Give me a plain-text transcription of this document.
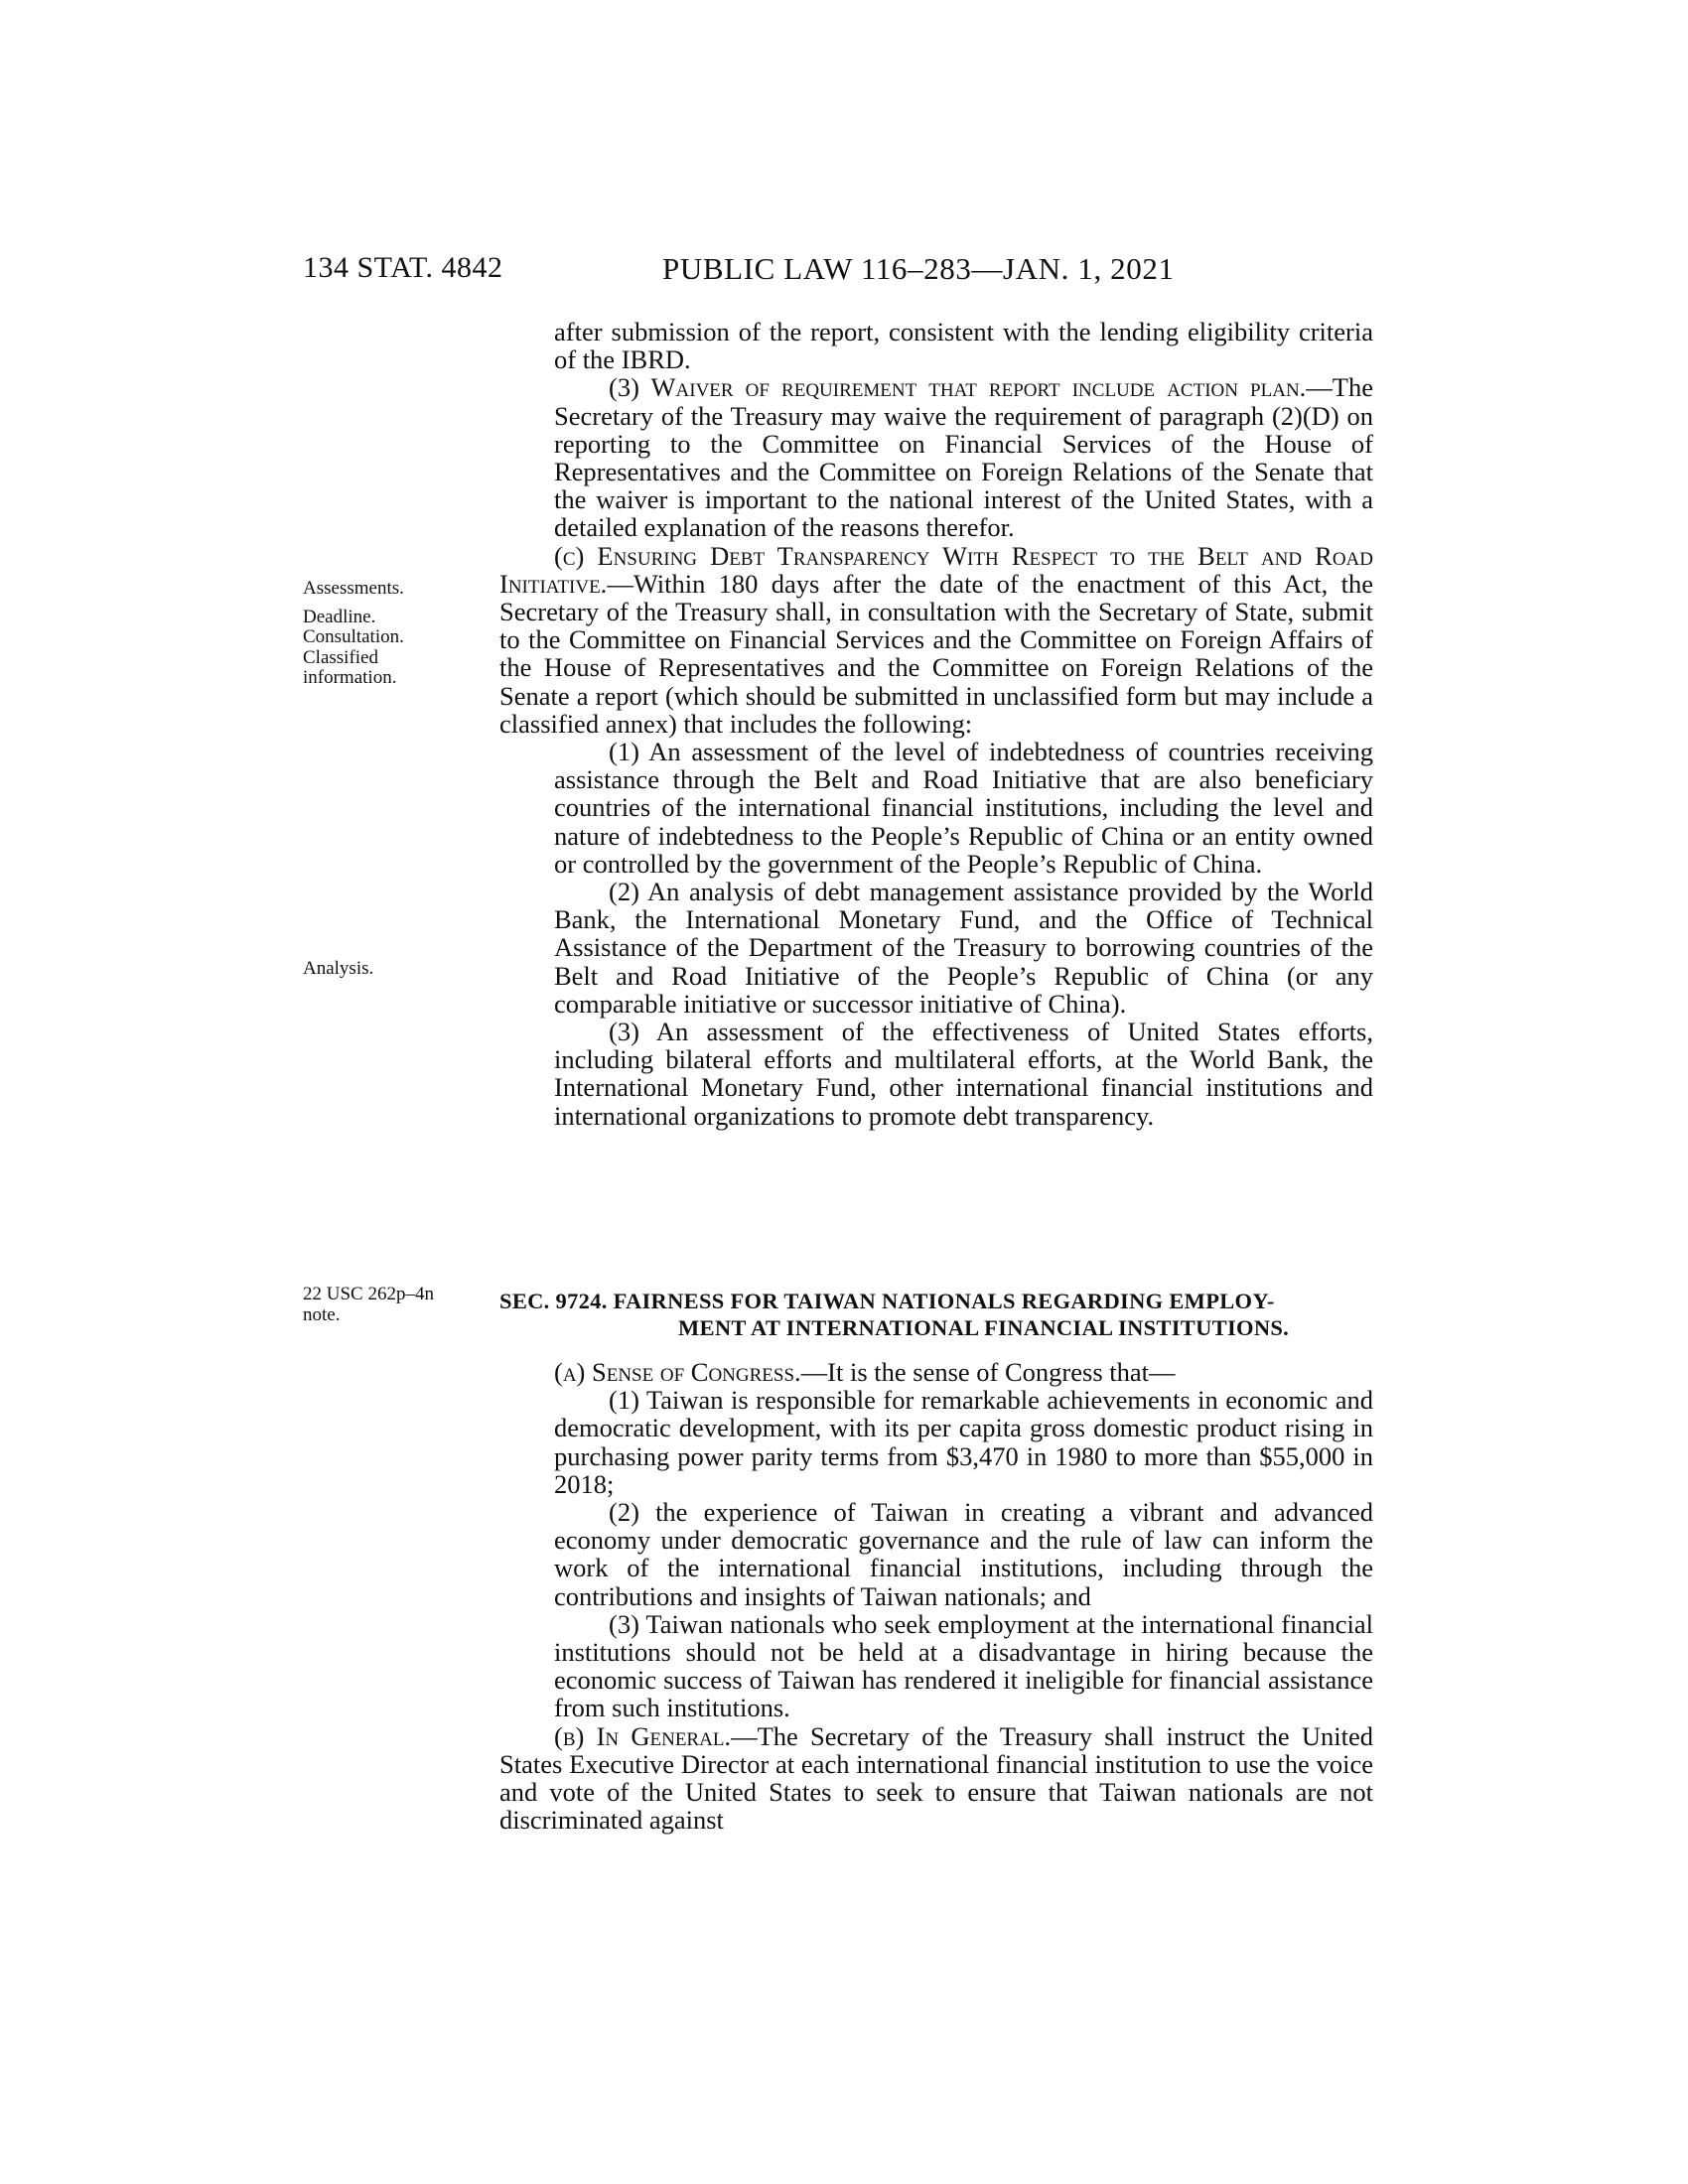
134 STAT. 4842	PUBLIC LAW 116–283—JAN. 1, 2021
Assessments.
Deadline.
Consultation.
Classified
information.
Analysis.
22 USC 262p–4n
note.

after submission of the report, consistent with the lending eligibility criteria of the IBRD.

(3) Waiver of requirement that report include action plan.—The Secretary of the Treasury may waive the requirement of paragraph (2)(D) on reporting to the Committee on Financial Services of the House of Representatives and the Committee on Foreign Relations of the Senate that the waiver is important to the national interest of the United States, with a detailed explanation of the reasons therefor.

(c) Ensuring Debt Transparency With Respect to the Belt and Road Initiative.—Within 180 days after the date of the enactment of this Act, the Secretary of the Treasury shall, in consultation with the Secretary of State, submit to the Committee on Financial Services and the Committee on Foreign Affairs of the House of Representatives and the Committee on Foreign Relations of the Senate a report (which should be submitted in unclassified form but may include a classified annex) that includes the following:

(1) An assessment of the level of indebtedness of countries receiving assistance through the Belt and Road Initiative that are also beneficiary countries of the international financial institutions, including the level and nature of indebtedness to the People’s Republic of China or an entity owned or controlled by the government of the People’s Republic of China.

(2) An analysis of debt management assistance provided by the World Bank, the International Monetary Fund, and the Office of Technical Assistance of the Department of the Treasury to borrowing countries of the Belt and Road Initiative of the People’s Republic of China (or any comparable initiative or successor initiative of China).

(3) An assessment of the effectiveness of United States efforts, including bilateral efforts and multilateral efforts, at the World Bank, the International Monetary Fund, other international financial institutions and international organizations to promote debt transparency.

SEC. 9724. FAIRNESS FOR TAIWAN NATIONALS REGARDING EMPLOY-
MENT AT INTERNATIONAL FINANCIAL INSTITUTIONS.

(a) Sense of Congress.—It is the sense of Congress that—

(1) Taiwan is responsible for remarkable achievements in economic and democratic development, with its per capita gross domestic product rising in purchasing power parity terms from $3,470 in 1980 to more than $55,000 in 2018;

(2) the experience of Taiwan in creating a vibrant and advanced economy under democratic governance and the rule of law can inform the work of the international financial institutions, including through the contributions and insights of Taiwan nationals; and

(3) Taiwan nationals who seek employment at the international financial institutions should not be held at a disadvantage in hiring because the economic success of Taiwan has rendered it ineligible for financial assistance from such institutions.

(b) In General.—The Secretary of the Treasury shall instruct the United States Executive Director at each international financial institution to use the voice and vote of the United States to seek to ensure that Taiwan nationals are not discriminated against
